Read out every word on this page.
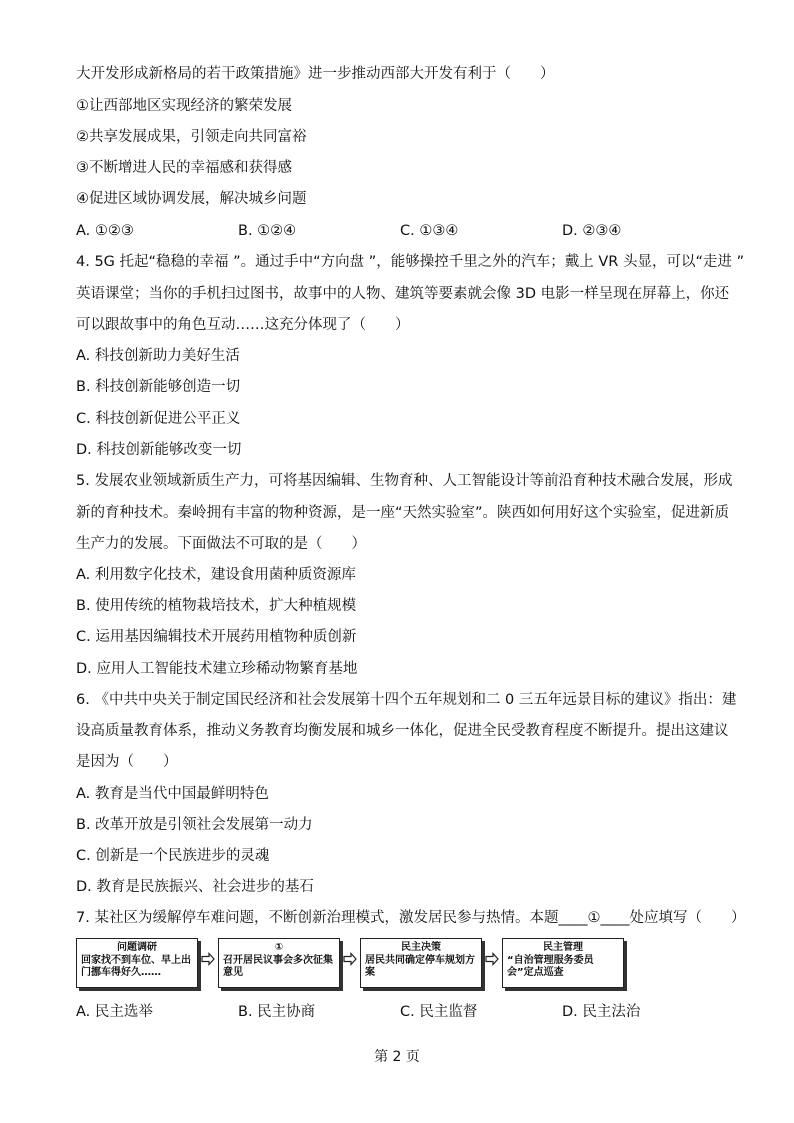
大开发形成新格局的若干政策措施》进一步推动西部大开发有利于（　　）
①让西部地区实现经济的繁荣发展
②共享发展成果，引领走向共同富裕
③不断增进人民的幸福感和获得感
④促进区域协调发展，解决城乡问题
A. ①②③	B. ①②④	C. ①③④	D. ②③④
4. 5G 托起“稳稳的幸福 ”。通过手中“方向盘 ”，能够操控千里之外的汽车；戴上 VR 头显，可以“走进 ”
英语课堂；当你的手机扫过图书，故事中的人物、建筑等要素就会像 3D 电影一样呈现在屏幕上，你还
可以跟故事中的角色互动……这充分体现了（　　）
A. 科技创新助力美好生活
B. 科技创新能够创造一切
C. 科技创新促进公平正义
D. 科技创新能够改变一切
5. 发展农业领域新质生产力，可将基因编辑、生物育种、人工智能设计等前沿育种技术融合发展，形成
新的育种技术。秦岭拥有丰富的物种资源，是一座“天然实验室”。陕西如何用好这个实验室，促进新质
生产力的发展。下面做法不可取的是（　　）
A. 利用数字化技术，建设食用菌种质资源库
B. 使用传统的植物栽培技术，扩大种植规模
C. 运用基因编辑技术开展药用植物种质创新
D. 应用人工智能技术建立珍稀动物繁育基地
6. 《中共中央关于制定国民经济和社会发展第十四个五年规划和二 0 三五年远景目标的建议》指出：建
设高质量教育体系，推动义务教育均衡发展和城乡一体化，促进全民受教育程度不断提升。提出这建议
是因为（　　）
A. 教育是当代中国最鲜明特色
B. 改革开放是引领社会发展第一动力
C. 创新是一个民族进步的灵魂
D. 教育是民族振兴、社会进步的基石
7. 某社区为缓解停车难问题，不断创新治理模式，激发居民参与热情。本题____①____处应填写（　　）
问题调研
回家找不到车位、早上出门挪车得好久……
①
召开居民议事会多次征集意见
民主决策
居民共同确定停车规划方案
民主管理
“自治管理服务委员会”定点巡查
A. 民主选举	B. 民主协商	C. 民主监督	D. 民主法治
第 2 页
